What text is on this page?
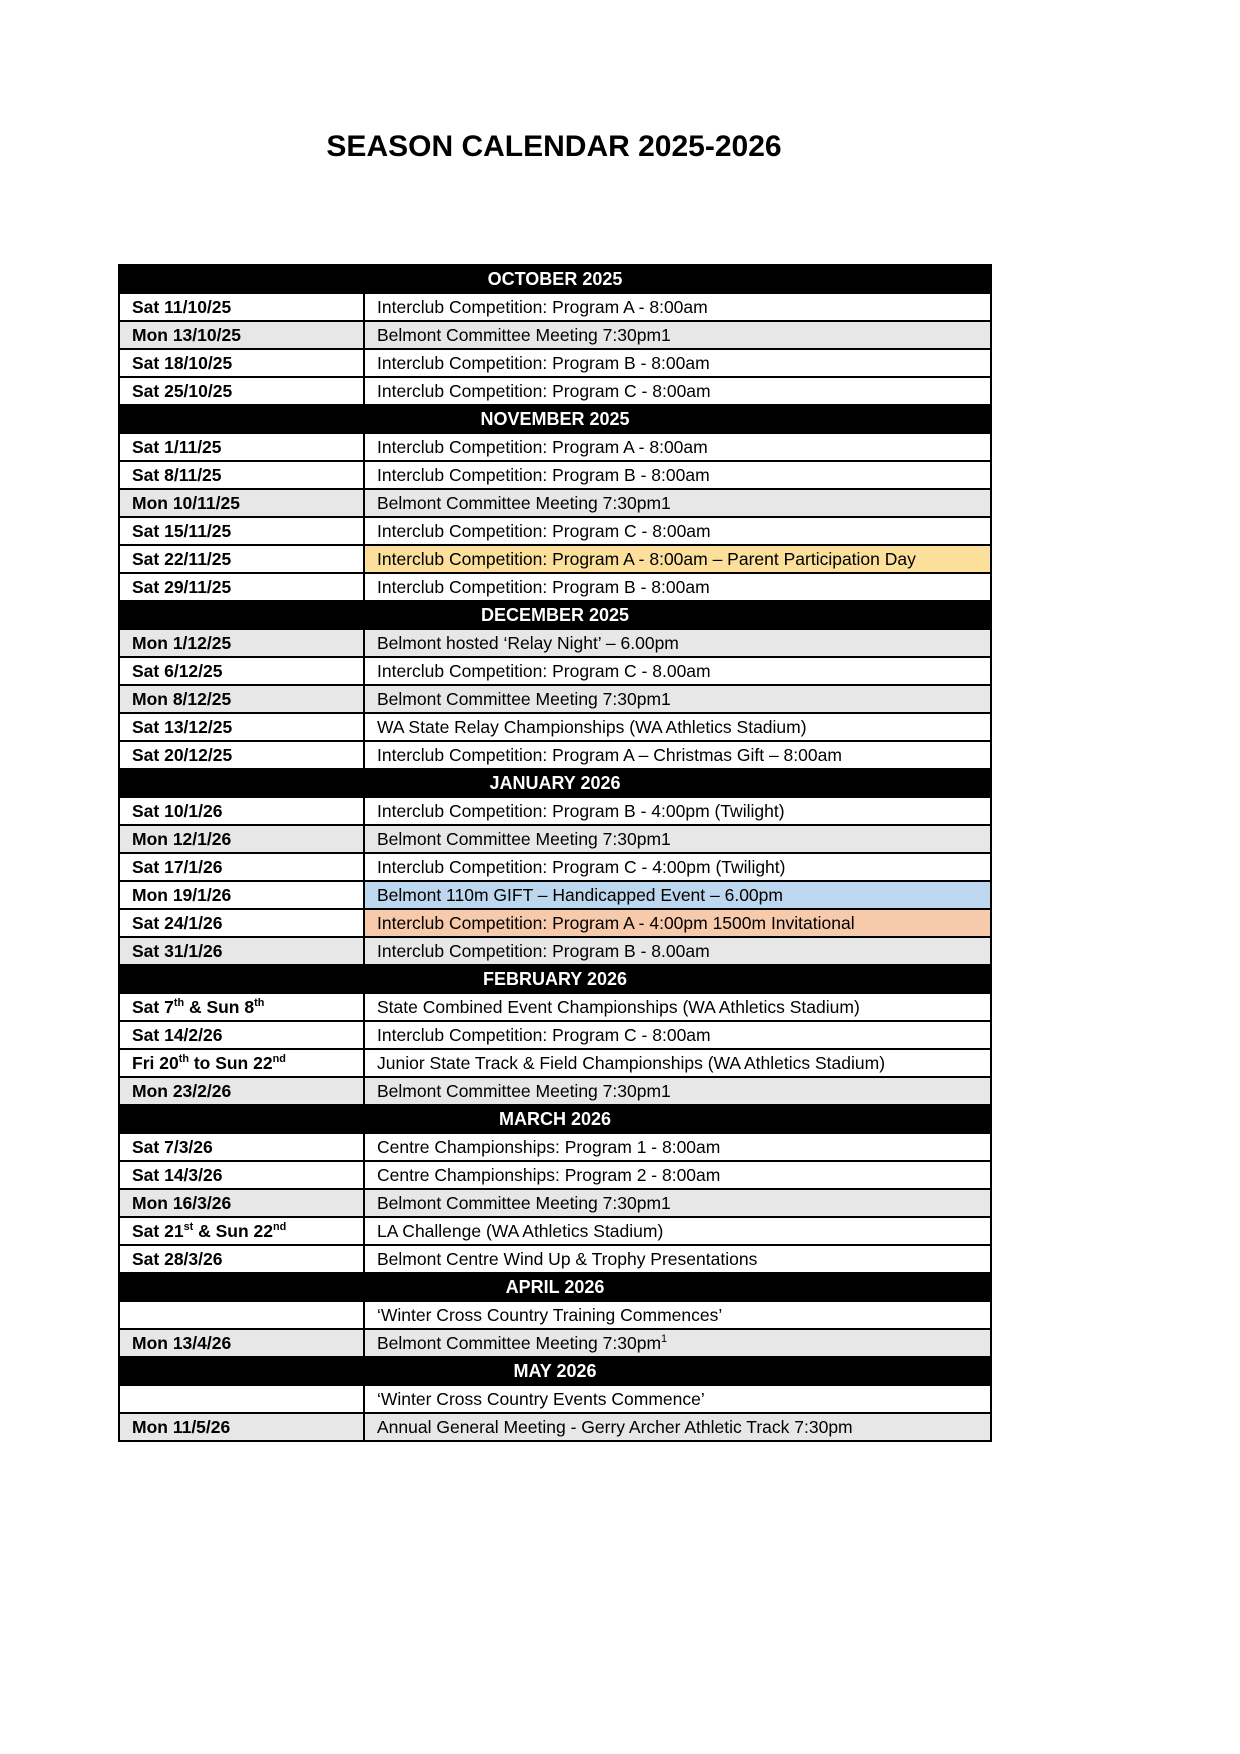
SEASON CALENDAR 2025-2026
OCTOBER 2025	
Sat 11/10/25	Interclub Competition: Program A - 8:00am
Mon 13/10/25	Belmont Committee Meeting 7:30pm1
Sat 18/10/25	Interclub Competition: Program B - 8:00am
Sat 25/10/25	Interclub Competition: Program C - 8:00am
NOVEMBER 2025	
Sat 1/11/25	Interclub Competition: Program A - 8:00am
Sat 8/11/25	Interclub Competition: Program B - 8:00am
Mon 10/11/25	Belmont Committee Meeting 7:30pm1
Sat 15/11/25	Interclub Competition: Program C - 8:00am
Sat 22/11/25	Interclub Competition: Program A - 8:00am – Parent Participation Day
Sat 29/11/25	Interclub Competition: Program B - 8:00am
DECEMBER 2025	
Mon 1/12/25	Belmont hosted ‘Relay Night’ – 6.00pm
Sat 6/12/25	Interclub Competition: Program C - 8.00am
Mon 8/12/25	Belmont Committee Meeting 7:30pm1
Sat 13/12/25	WA State Relay Championships (WA Athletics Stadium)
Sat 20/12/25	Interclub Competition: Program A – Christmas Gift – 8:00am
JANUARY 2026	
Sat 10/1/26	Interclub Competition: Program B - 4:00pm (Twilight)
Mon 12/1/26	Belmont Committee Meeting 7:30pm1
Sat 17/1/26	Interclub Competition: Program C - 4:00pm (Twilight)
Mon 19/1/26	Belmont 110m GIFT – Handicapped Event – 6.00pm
Sat 24/1/26	Interclub Competition: Program A - 4:00pm 1500m Invitational
Sat 31/1/26	Interclub Competition: Program B - 8.00am
FEBRUARY 2026	
Sat 7th & Sun 8th	State Combined Event Championships (WA Athletics Stadium)
Sat 14/2/26	Interclub Competition: Program C - 8:00am
Fri 20th to Sun 22nd	Junior State Track & Field Championships (WA Athletics Stadium)
Mon 23/2/26	Belmont Committee Meeting 7:30pm1
MARCH 2026	
Sat 7/3/26	Centre Championships: Program 1 - 8:00am
Sat 14/3/26	Centre Championships: Program 2 - 8:00am
Mon 16/3/26	Belmont Committee Meeting 7:30pm1
Sat 21st & Sun 22nd	LA Challenge (WA Athletics Stadium)
Sat 28/3/26	Belmont Centre Wind Up & Trophy Presentations
APRIL 2026	
	‘Winter Cross Country Training Commences’
Mon 13/4/26	Belmont Committee Meeting $7:30pm^1$
MAY 2026	
	‘Winter Cross Country Events Commence’
Mon 11/5/26	Annual General Meeting - Gerry Archer Athletic Track 7:30pm
